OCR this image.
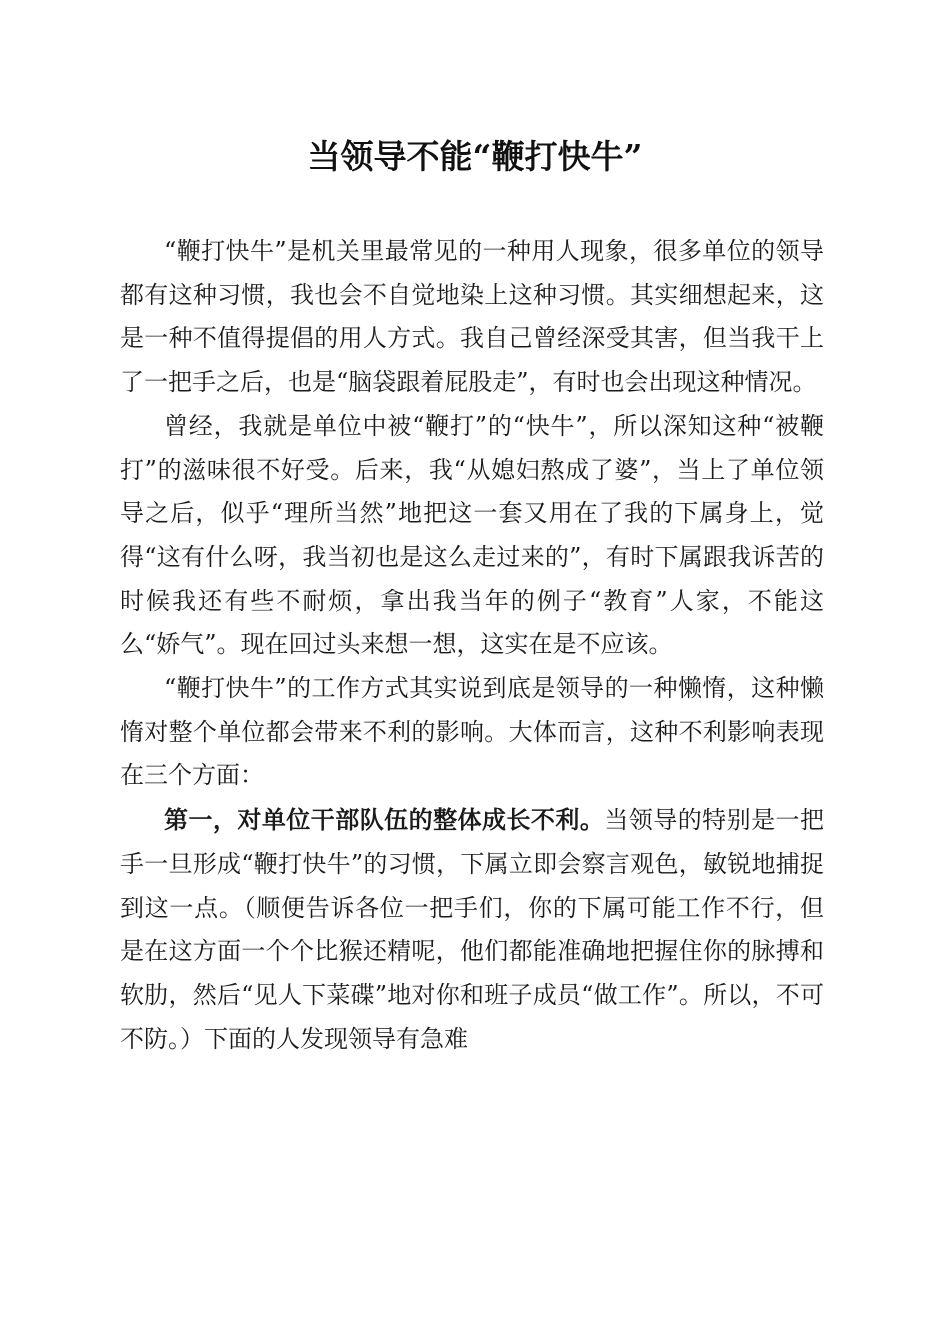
当领导不能“鞭打快牛”

“鞭打快牛”是机关里最常见的一种用人现象，很多单位的领导都有这种习惯，我也会不自觉地染上这种习惯。其实细想起来，这是一种不值得提倡的用人方式。我自己曾经深受其害，但当我干上了一把手之后，也是“脑袋跟着屁股走”，有时也会出现这种情况。

曾经，我就是单位中被“鞭打”的“快牛”，所以深知这种“被鞭打”的滋味很不好受。后来，我“从媳妇熬成了婆”，当上了单位领导之后，似乎“理所当然”地把这一套又用在了我的下属身上，觉得“这有什么呀，我当初也是这么走过来的”，有时下属跟我诉苦的时候我还有些不耐烦，拿出我当年的例子“教育”人家，不能这么“娇气”。现在回过头来想一想，这实在是不应该。

“鞭打快牛”的工作方式其实说到底是领导的一种懒惰，这种懒惰对整个单位都会带来不利的影响。大体而言，这种不利影响表现在三个方面：

第一，对单位干部队伍的整体成长不利。当领导的特别是一把手一旦形成“鞭打快牛”的习惯，下属立即会察言观色，敏锐地捕捉到这一点。（顺便告诉各位一把手们，你的下属可能工作不行，但是在这方面一个个比猴还精呢，他们都能准确地把握住你的脉搏和软肋，然后“见人下菜碟”地对你和班子成员“做工作”。所以，不可不防。）下面的人发现领导有急难
